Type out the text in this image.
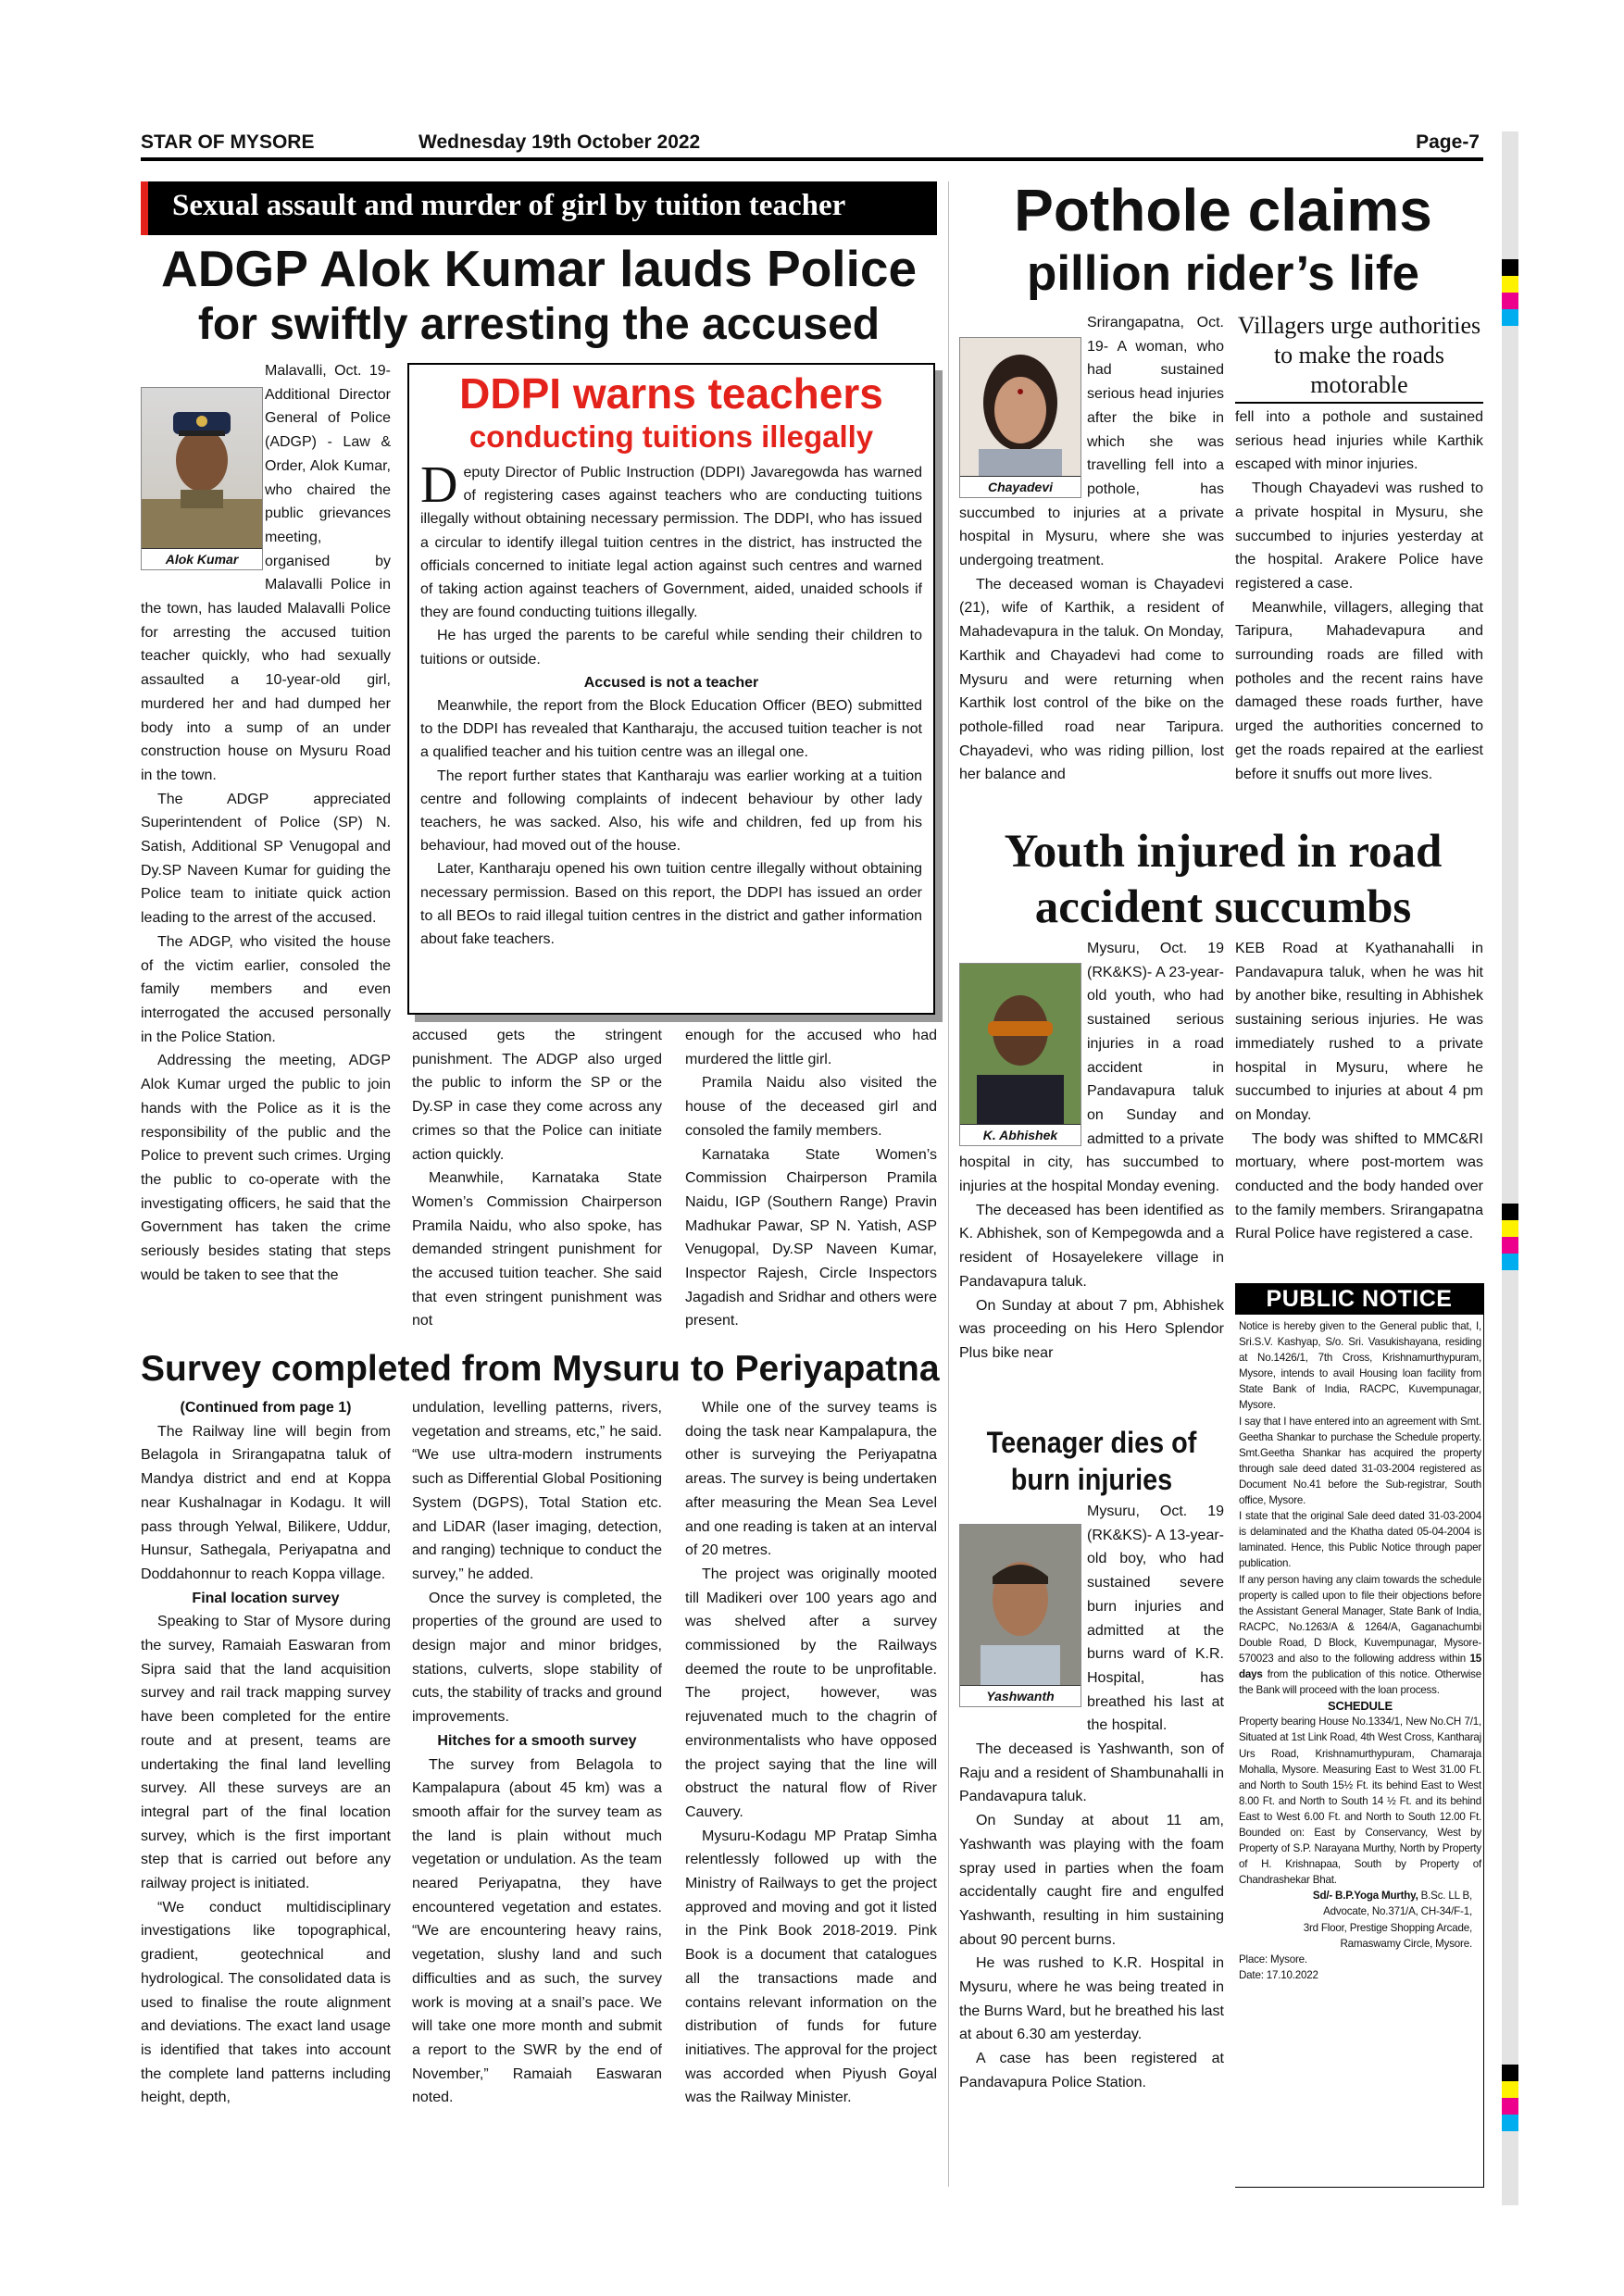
STAR OF MYSORE	Wednesday 19th October 2022	Page-7
Sexual assault and murder of girl by tuition teacher
ADGP Alok Kumar lauds Police
for swiftly arresting the accused
Alok Kumar

Malavalli, Oct. 19- Additional Director General of Police (ADGP) - Law & Order, Alok Kumar, who chaired the public grievances meeting, organised by Malavalli Police in the town, has lauded Malavalli Police for arresting the accused tuition teacher quickly, who had sexually assaulted a 10-year-old girl, murdered her and had dumped her body into a sump of an under construction house on Mysuru Road in the town.

The ADGP appreciated Superintendent of Police (SP) N. Satish, Additional SP Venugopal and Dy.SP Naveen Kumar for guiding the Police team to initiate quick action leading to the arrest of the accused.

The ADGP, who visited the house of the victim earlier, consoled the family members and even interrogated the accused personally in the Police Station.

Addressing the meeting, ADGP Alok Kumar urged the public to join hands with the Police as it is the responsibility of the public and the Police to prevent such crimes. Urging the public to co-operate with the investigating officers, he said that the Government has taken the crime seriously besides stating that steps would be taken to see that the

accused gets the stringent punishment. The ADGP also urged the public to inform the SP or the Dy.SP in case they come across any crimes so that the Police can initiate action quickly.

Meanwhile, Karnataka State Women’s Commission Chairperson Pramila Naidu, who also spoke, has demanded stringent punishment for the accused tuition teacher. She said that even stringent punishment was not

enough for the accused who had murdered the little girl.

Pramila Naidu also visited the house of the deceased girl and consoled the family members.

Karnataka State Women’s Commission Chairperson Pramila Naidu, IGP (Southern Range) Pravin Madhukar Pawar, SP N. Yatish, ASP Venugopal, Dy.SP Naveen Kumar, Inspector Rajesh, Circle Inspectors Jagadish and Sridhar and others were present.

DDPI warns teachers
conducting tuitions illegally

Deputy Director of Public Instruction (DDPI) Javaregowda has warned of registering cases against teachers who are conducting tuitions illegally without obtaining necessary permission. The DDPI, who has issued a circular to identify illegal tuition centres in the district, has instructed the officials concerned to initiate legal action against such centres and warned of taking action against teachers of Government, aided, unaided schools if they are found conducting tuitions illegally.

He has urged the parents to be careful while sending their children to tuitions or outside.

Accused is not a teacher

Meanwhile, the report from the Block Education Officer (BEO) submitted to the DDPI has revealed that Kantharaju, the accused tuition teacher is not a qualified teacher and his tuition centre was an illegal one.

The report further states that Kantharaju was earlier working at a tuition centre and following complaints of indecent behaviour by other lady teachers, he was sacked. Also, his wife and children, fed up from his behaviour, had moved out of the house.

Later, Kantharaju opened his own tuition centre illegally without obtaining necessary permission. Based on this report, the DDPI has issued an order to all BEOs to raid illegal tuition centres in the district and gather information about fake teachers.

Survey completed from Mysuru to Periyapatna

(Continued from page 1)

The Railway line will begin from Belagola in Srirangapatna taluk of Mandya district and end at Koppa near Kushalnagar in Kodagu. It will pass through Yelwal, Bilikere, Uddur, Hunsur, Sathegala, Periyapatna and Doddahonnur to reach Koppa village.

Final location survey

Speaking to Star of Mysore during the survey, Ramaiah Easwaran from Sipra said that the land acquisition survey and rail track mapping survey have been completed for the entire route and at present, teams are undertaking the final land levelling survey. All these surveys are an integral part of the final location survey, which is the first important step that is carried out before any railway project is initiated.

“We conduct multidisciplinary investigations like topographical, gradient, geotechnical and hydrological. The consolidated data is used to finalise the route alignment and deviations. The exact land usage is identified that takes into account the complete land patterns including height, depth,

undulation, levelling patterns, rivers, vegetation and streams, etc,” he said. “We use ultra-modern instruments such as Differential Global Positioning System (DGPS), Total Station etc. and LiDAR (laser imaging, detection, and ranging) technique to conduct the survey,” he added.

Once the survey is completed, the properties of the ground are used to design major and minor bridges, stations, culverts, slope stability of cuts, the stability of tracks and ground improvements.

Hitches for a smooth survey

The survey from Belagola to Kampalapura (about 45 km) was a smooth affair for the survey team as the land is plain without much vegetation or undulation. As the team neared Periyapatna, they have encountered vegetation and estates. “We are encountering heavy rains, vegetation, slushy land and such difficulties and as such, the survey work is moving at a snail’s pace. We will take one more month and submit a report to the SWR by the end of November,” Ramaiah Easwaran noted.

While one of the survey teams is doing the task near Kampalapura, the other is surveying the Periyapatna areas. The survey is being undertaken after measuring the Mean Sea Level and one reading is taken at an interval of 20 metres.

The project was originally mooted till Madikeri over 100 years ago and was shelved after a survey commissioned by the Railways deemed the route to be unprofitable. The project, however, was rejuvenated much to the chagrin of environmentalists who have opposed the project saying that the line will obstruct the natural flow of River Cauvery.

Mysuru-Kodagu MP Pratap Simha relentlessly followed up with the Ministry of Railways to get the project approved and moving and got it listed in the Pink Book 2018-2019. Pink Book is a document that catalogues all the transactions made and contains relevant information on the distribution of funds for future initiatives. The approval for the project was accorded when Piyush Goyal was the Railway Minister.

Pothole claims
pillion rider’s life
Chayadevi

Srirangapatna, Oct. 19- A woman, who had sustained serious head injuries after the bike in which she was travelling fell into a pothole, has succumbed to injuries at a private hospital in Mysuru, where she was undergoing treatment.

The deceased woman is Chayadevi (21), wife of Karthik, a resident of Mahadevapura in the taluk. On Monday, Karthik and Chayadevi had come to Mysuru and were returning when Karthik lost control of the bike on the pothole-filled road near Taripura. Chayadevi, who was riding pillion, lost her balance and

Villagers urge authorities to make the roads motorable

fell into a pothole and sustained serious head injuries while Karthik escaped with minor injuries.

Though Chayadevi was rushed to a private hospital in Mysuru, she succumbed to injuries yesterday at the hospital. Arakere Police have registered a case.

Meanwhile, villagers, alleging that Taripura, Mahadevapura and surrounding roads are filled with potholes and the recent rains have damaged these roads further, have urged the authorities concerned to get the roads repaired at the earliest before it snuffs out more lives.

Youth injured in road
accident succumbs
K. Abhishek

Mysuru, Oct. 19 (RK&KS)- A 23-year-old youth, who had sustained serious injuries in a road accident in Pandavapura taluk on Sunday and admitted to a private hospital in city, has succumbed to injuries at the hospital Monday evening.

The deceased has been identified as K. Abhishek, son of Kempegowda and a resident of Hosayelekere village in Pandavapura taluk.

On Sunday at about 7 pm, Abhishek was proceeding on his Hero Splendor Plus bike near

KEB Road at Kyathanahalli in Pandavapura taluk, when he was hit by another bike, resulting in Abhishek sustaining serious injuries. He was immediately rushed to a private hospital in Mysuru, where he succumbed to injuries at about 4 pm on Monday.

The body was shifted to MMC&RI mortuary, where post-mortem was conducted and the body handed over to the family members. Srirangapatna Rural Police have registered a case.

Teenager dies of
burn injuries
Yashwanth

Mysuru, Oct. 19 (RK&KS)- A 13-year-old boy, who had sustained severe burn injuries and admitted at the burns ward of K.R. Hospital, has breathed his last at the hospital.

The deceased is Yashwanth, son of Raju and a resident of Shambunahalli in Pandavapura taluk.

On Sunday at about 11 am, Yashwanth was playing with the foam spray used in parties when the foam accidentally caught fire and engulfed Yashwanth, resulting in him sustaining about 90 percent burns.

He was rushed to K.R. Hospital in Mysuru, where he was being treated in the Burns Ward, but he breathed his last at about 6.30 am yesterday.

A case has been registered at Pandavapura Police Station.

PUBLIC NOTICE
Notice is hereby given to the General public that, I, Sri.S.V. Kashyap, S/o. Sri. Vasukishayana, residing at No.1426/1, 7th Cross, Krishnamurthypuram, Mysore, intends to avail Housing loan facility from State Bank of India, RACPC, Kuvempunagar, Mysore.
I say that I have entered into an agreement with Smt. Geetha Shankar to purchase the Schedule property. Smt.Geetha Shankar has acquired the property through sale deed dated 31-03-2004 registered as Document No.41 before the Sub-registrar, South office, Mysore.
I state that the original Sale deed dated 31-03-2004 is delaminated and the Khatha dated 05-04-2004 is laminated. Hence, this Public Notice through paper publication.
If any person having any claim towards the schedule property is called upon to file their objections before the Assistant General Manager, State Bank of India, RACPC, No.1263/A & 1264/A, Gaganachumbi Double Road, D Block, Kuvempunagar, Mysore-570023 and also to the following address within 15 days from the publication of this notice. Otherwise the Bank will proceed with the loan process.
SCHEDULE
Property bearing House No.1334/1, New No.CH 7/1, Situated at 1st Link Road, 4th West Cross, Kantharaj Urs Road, Krishnamurthypuram, Chamaraja Mohalla, Mysore. Measuring East to West 31.00 Ft. and North to South 15½ Ft. its behind East to West 8.00 Ft. and North to South 14 ½ Ft. and its behind East to West 6.00 Ft. and North to South 12.00 Ft. Bounded on: East by Conservancy, West by Property of S.P. Narayana Murthy, North by Property of H. Krishnapaa, South by Property of Chandrashekar Bhat.
Sd/- B.P.Yoga Murthy, B.Sc. LL B,
Advocate, No.371/A, CH-34/F-1,
3rd Floor, Prestige Shopping Arcade,
Ramaswamy Circle, Mysore.
Place: Mysore.
Date: 17.10.2022
